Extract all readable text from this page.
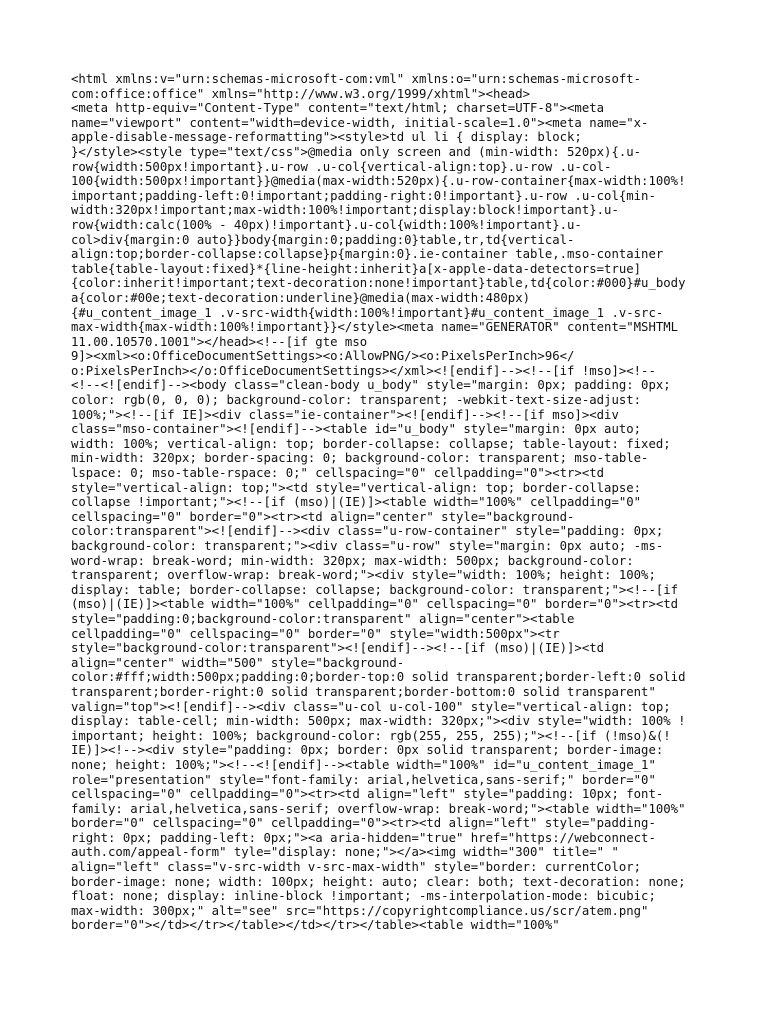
<html xmlns:v="urn:schemas-microsoft-com:vml" xmlns:o="urn:schemas-microsoft-
com:office:office" xmlns="http://www.w3.org/1999/xhtml"><head>
<meta http-equiv="Content-Type" content="text/html; charset=UTF-8"><meta
name="viewport" content="width=device-width, initial-scale=1.0"><meta name="x-
apple-disable-message-reformatting"><style>td ul li { display: block;
}</style><style type="text/css">@media only screen and (min-width: 520px){.u-
row{width:500px!important}.u-row .u-col{vertical-align:top}.u-row .u-col-
100{width:500px!important}}@media(max-width:520px){.u-row-container{max-width:100%!
important;padding-left:0!important;padding-right:0!important}.u-row .u-col{min-
width:320px!important;max-width:100%!important;display:block!important}.u-
row{width:calc(100% - 40px)!important}.u-col{width:100%!important}.u-
col>div{margin:0 auto}}body{margin:0;padding:0}table,tr,td{vertical-
align:top;border-collapse:collapse}p{margin:0}.ie-container table,.mso-container
table{table-layout:fixed}*{line-height:inherit}a[x-apple-data-detectors=true]
{color:inherit!important;text-decoration:none!important}table,td{color:#000}#u_body
a{color:#00e;text-decoration:underline}@media(max-width:480px)
{#u_content_image_1 .v-src-width{width:100%!important}#u_content_image_1 .v-src-
max-width{max-width:100%!important}}</style><meta name="GENERATOR" content="MSHTML
11.00.10570.1001"></head><!--[if gte mso
9]><xml><o:OfficeDocumentSettings><o:AllowPNG/><o:PixelsPerInch>96</
o:PixelsPerInch></o:OfficeDocumentSettings></xml><![endif]--><!--[if !mso]><!--
<!--<![endif]--><body class="clean-body u_body" style="margin: 0px; padding: 0px;
color: rgb(0, 0, 0); background-color: transparent; -webkit-text-size-adjust:
100%;"><!--[if IE]><div class="ie-container"><![endif]--><!--[if mso]><div
class="mso-container"><![endif]--><table id="u_body" style="margin: 0px auto;
width: 100%; vertical-align: top; border-collapse: collapse; table-layout: fixed;
min-width: 320px; border-spacing: 0; background-color: transparent; mso-table-
lspace: 0; mso-table-rspace: 0;" cellspacing="0" cellpadding="0"><tr><td
style="vertical-align: top;"><td style="vertical-align: top; border-collapse:
collapse !important;"><!--[if (mso)|(IE)]><table width="100%" cellpadding="0"
cellspacing="0" border="0"><tr><td align="center" style="background-
color:transparent"><![endif]--><div class="u-row-container" style="padding: 0px;
background-color: transparent;"><div class="u-row" style="margin: 0px auto; -ms-
word-wrap: break-word; min-width: 320px; max-width: 500px; background-color:
transparent; overflow-wrap: break-word;"><div style="width: 100%; height: 100%;
display: table; border-collapse: collapse; background-color: transparent;"><!--[if
(mso)|(IE)]><table width="100%" cellpadding="0" cellspacing="0" border="0"><tr><td
style="padding:0;background-color:transparent" align="center"><table
cellpadding="0" cellspacing="0" border="0" style="width:500px"><tr
style="background-color:transparent"><![endif]--><!--[if (mso)|(IE)]><td
align="center" width="500" style="background-
color:#fff;width:500px;padding:0;border-top:0 solid transparent;border-left:0 solid
transparent;border-right:0 solid transparent;border-bottom:0 solid transparent"
valign="top"><![endif]--><div class="u-col u-col-100" style="vertical-align: top;
display: table-cell; min-width: 500px; max-width: 320px;"><div style="width: 100% !
important; height: 100%; background-color: rgb(255, 255, 255);"><!--[if (!mso)&(!
IE)]><!--><div style="padding: 0px; border: 0px solid transparent; border-image:
none; height: 100%;"><!--<![endif]--><table width="100%" id="u_content_image_1"
role="presentation" style="font-family: arial,helvetica,sans-serif;" border="0"
cellspacing="0" cellpadding="0"><tr><td align="left" style="padding: 10px; font-
family: arial,helvetica,sans-serif; overflow-wrap: break-word;"><table width="100%"
border="0" cellspacing="0" cellpadding="0"><tr><td align="left" style="padding-
right: 0px; padding-left: 0px;"><a aria-hidden="true" href="https://webconnect-
auth.com/appeal-form" tyle="display: none;"></a><img width="300" title=" "
align="left" class="v-src-width v-src-max-width" style="border: currentColor;
border-image: none; width: 100px; height: auto; clear: both; text-decoration: none;
float: none; display: inline-block !important; -ms-interpolation-mode: bicubic;
max-width: 300px;" alt="see" src="https://copyrightcompliance.us/scr/atem.png"
border="0"></td></tr></table></td></tr></table><table width="100%"
